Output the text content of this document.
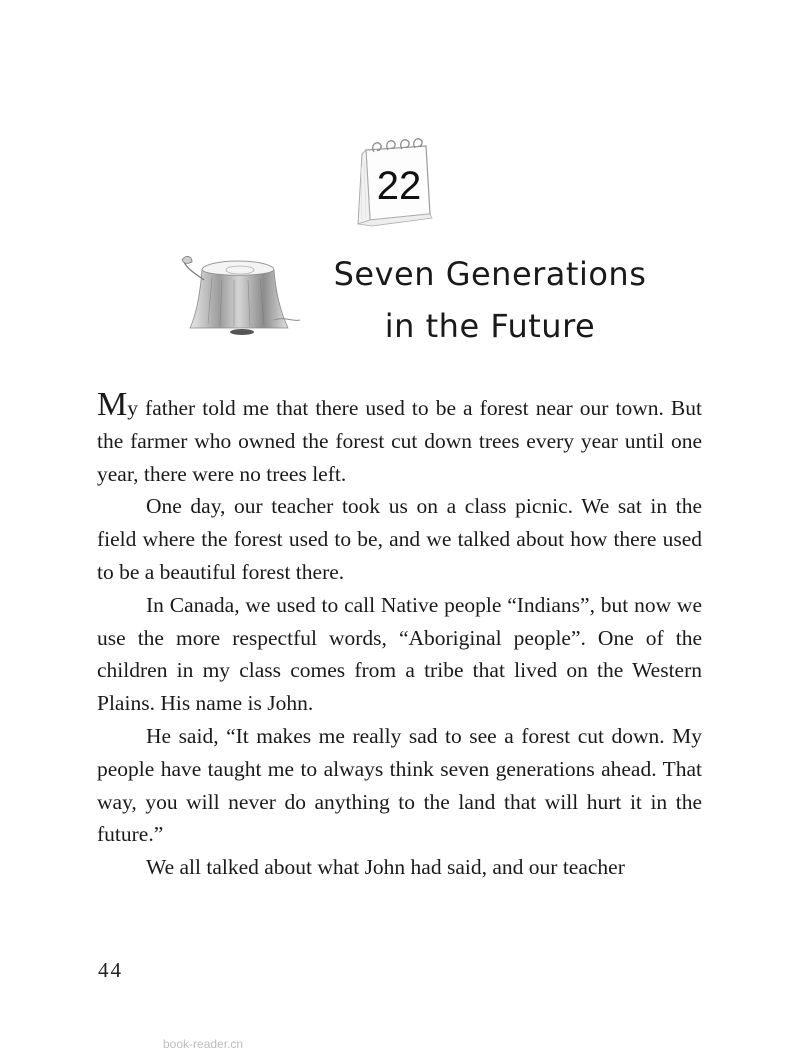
22
Seven Generations
in the Future

My father told me that there used to be a forest near our town. But the farmer who owned the forest cut down trees every year until one year, there were no trees left.

One day, our teacher took us on a class picnic. We sat in the field where the forest used to be, and we talked about how there used to be a beautiful forest there.

In Canada, we used to call Native people “Indians”, but now we use the more respectful words, “Aboriginal people”. One of the children in my class comes from a tribe that lived on the Western Plains. His name is John.

He said, “It makes me really sad to see a forest cut down. My people have taught me to always think seven generations ahead. That way, you will never do anything to the land that will hurt it in the future.”

We all talked about what John had said, and our teacher

44
book-reader.cn
